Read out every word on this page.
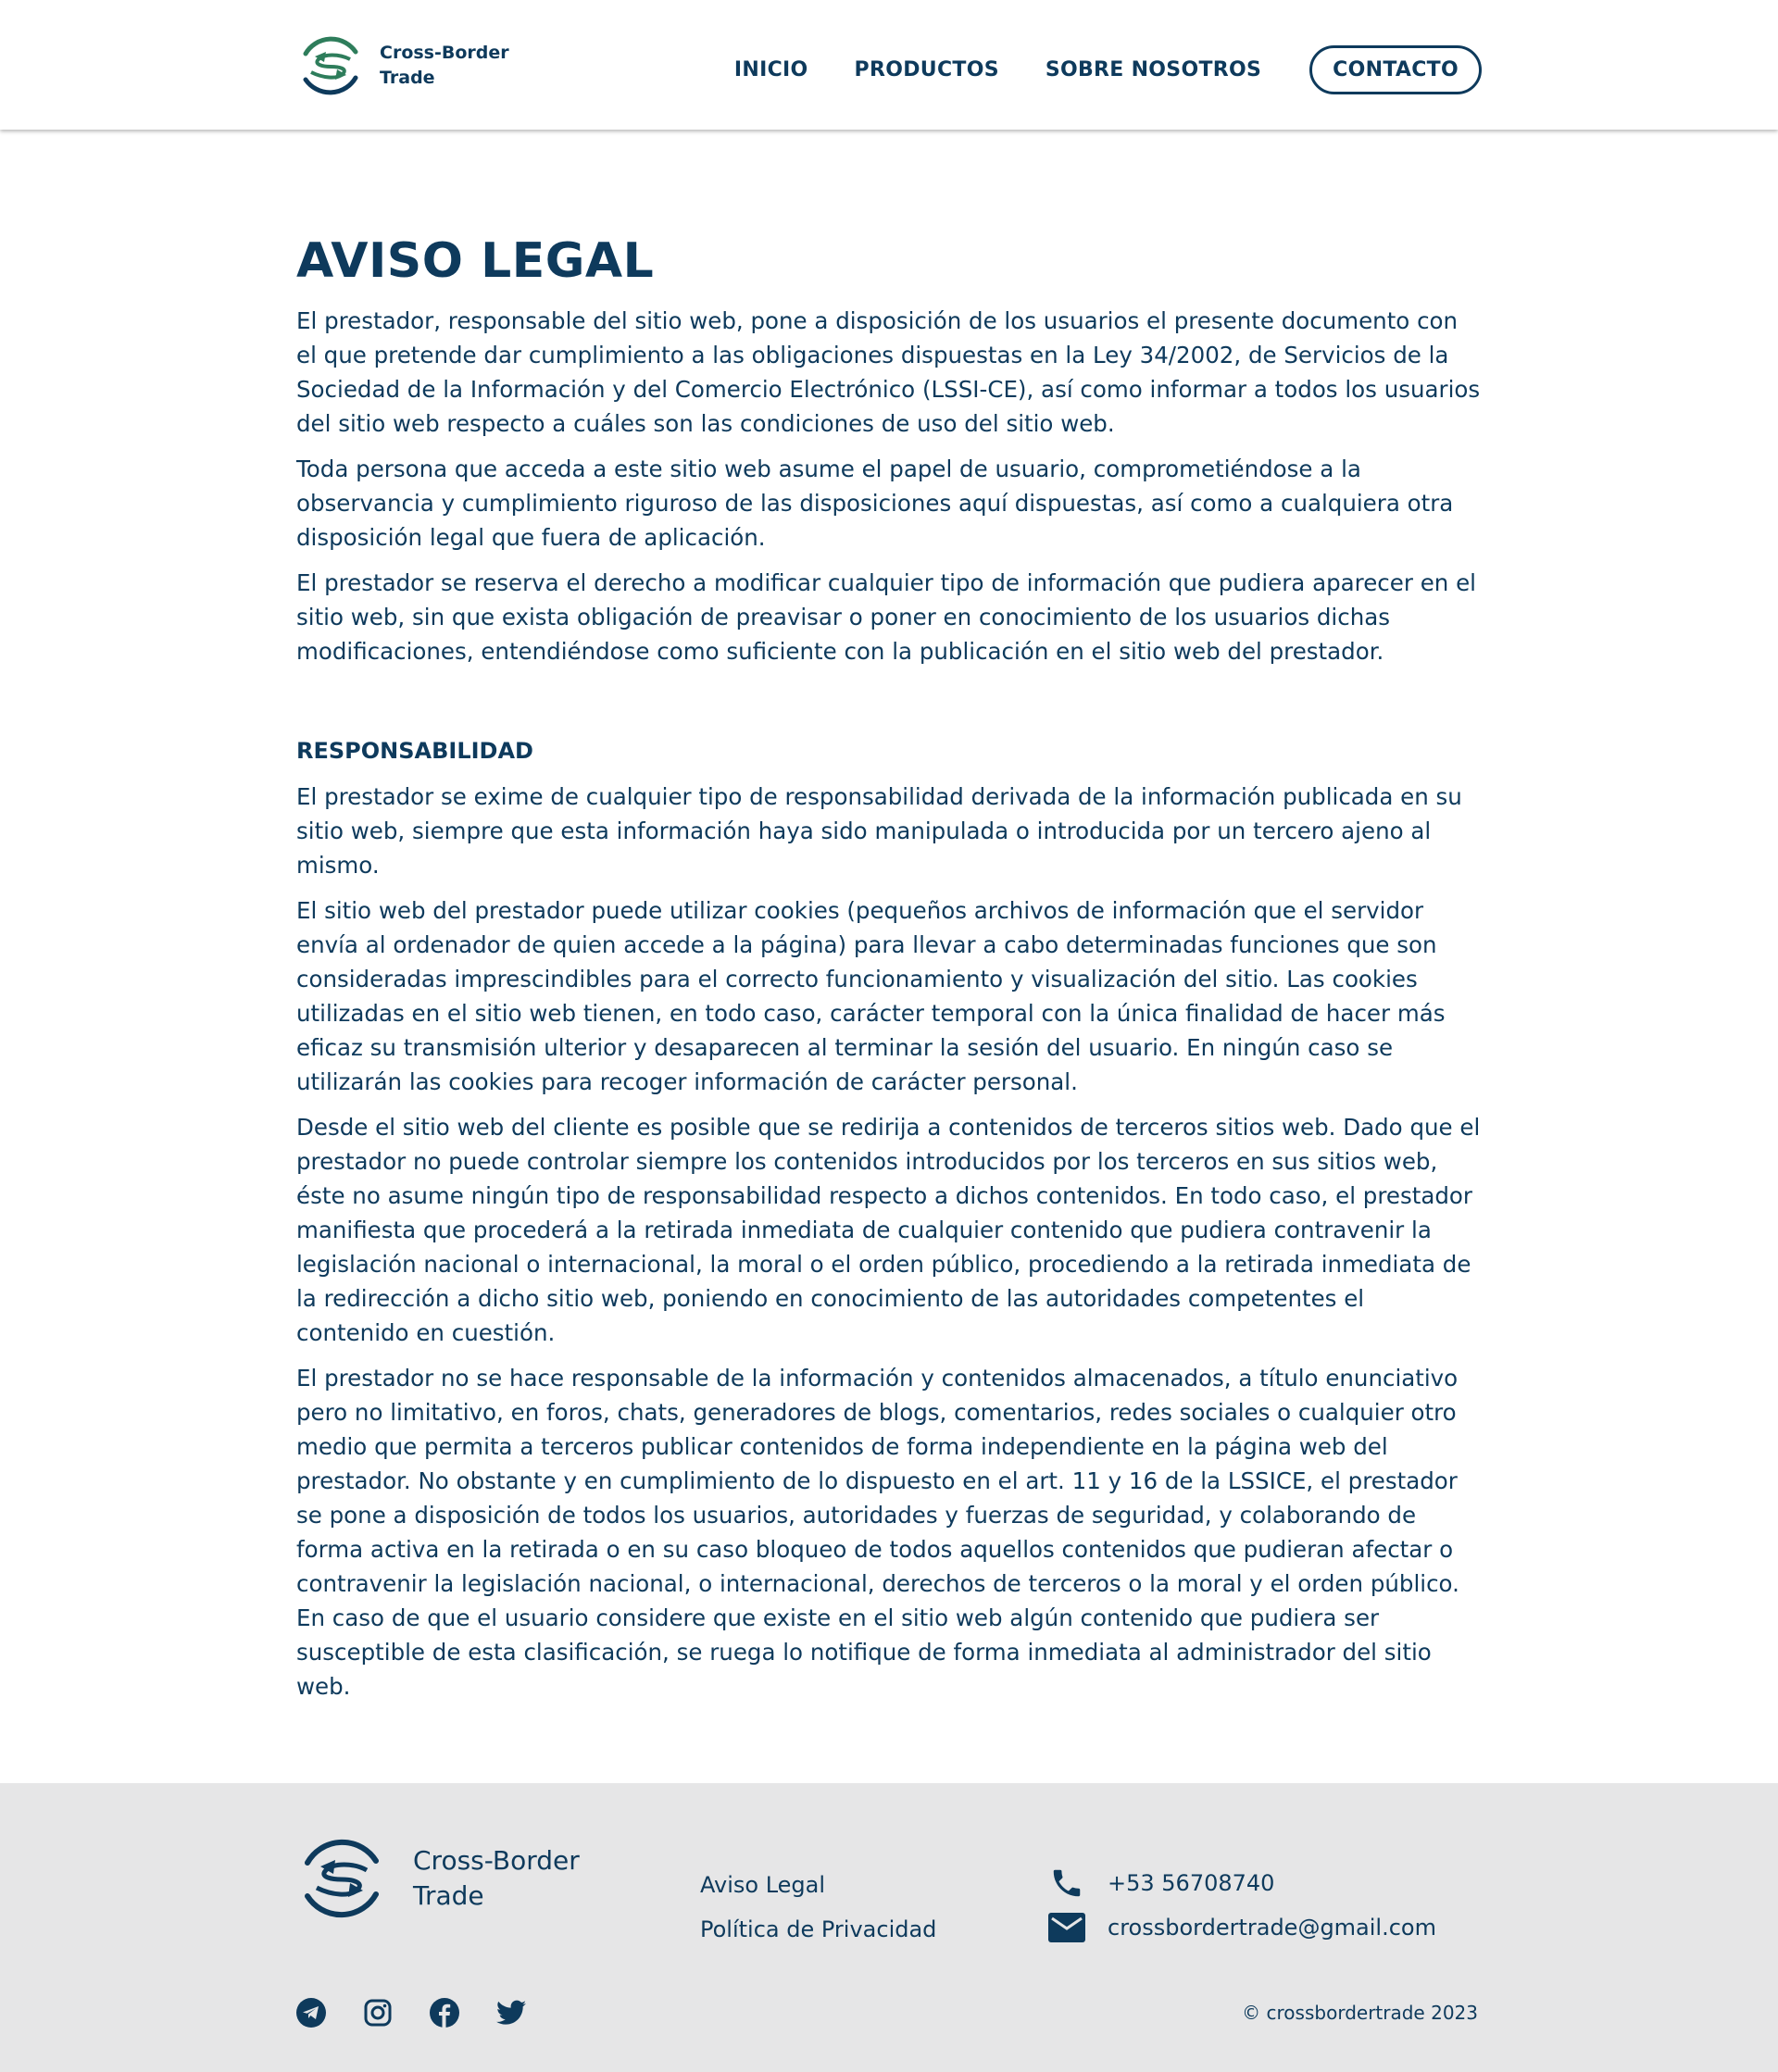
Cross-Border Trade	INICIO PRODUCTOS SOBRE NOSOTROS	CONTACTO
AVISO LEGAL

El prestador, responsable del sitio web, pone a disposición de los usuarios el presente documento con el que pretende dar cumplimiento a las obligaciones dispuestas en la Ley 34/2002, de Servicios de la Sociedad de la Información y del Comercio Electrónico (LSSI-CE), así como informar a todos los usuarios del sitio web respecto a cuáles son las condiciones de uso del sitio web.

Toda persona que acceda a este sitio web asume el papel de usuario, comprometiéndose a la observancia y cumplimiento riguroso de las disposiciones aquí dispuestas, así como a cualquiera otra disposición legal que fuera de aplicación.

El prestador se reserva el derecho a modificar cualquier tipo de información que pudiera aparecer en el sitio web, sin que exista obligación de preavisar o poner en conocimiento de los usuarios dichas modificaciones, entendiéndose como suficiente con la publicación en el sitio web del prestador.

RESPONSABILIDAD

El prestador se exime de cualquier tipo de responsabilidad derivada de la información publicada en su sitio web, siempre que esta información haya sido manipulada o introducida por un tercero ajeno al mismo.

El sitio web del prestador puede utilizar cookies (pequeños archivos de información que el servidor envía al ordenador de quien accede a la página) para llevar a cabo determinadas funciones que son consideradas imprescindibles para el correcto funcionamiento y visualización del sitio. Las cookies utilizadas en el sitio web tienen, en todo caso, carácter temporal con la única finalidad de hacer más eficaz su transmisión ulterior y desaparecen al terminar la sesión del usuario. En ningún caso se utilizarán las cookies para recoger información de carácter personal.

Desde el sitio web del cliente es posible que se redirija a contenidos de terceros sitios web. Dado que el prestador no puede controlar siempre los contenidos introducidos por los terceros en sus sitios web, éste no asume ningún tipo de responsabilidad respecto a dichos contenidos. En todo caso, el prestador manifiesta que procederá a la retirada inmediata de cualquier contenido que pudiera contravenir la legislación nacional o internacional, la moral o el orden público, procediendo a la retirada inmediata de la redirección a dicho sitio web, poniendo en conocimiento de las autoridades competentes el contenido en cuestión.

El prestador no se hace responsable de la información y contenidos almacenados, a título enunciativo pero no limitativo, en foros, chats, generadores de blogs, comentarios, redes sociales o cualquier otro medio que permita a terceros publicar contenidos de forma independiente en la página web del prestador. No obstante y en cumplimiento de lo dispuesto en el art. 11 y 16 de la LSSICE, el prestador se pone a disposición de todos los usuarios, autoridades y fuerzas de seguridad, y colaborando de forma activa en la retirada o en su caso bloqueo de todos aquellos contenidos que pudieran afectar o contravenir la legislación nacional, o internacional, derechos de terceros o la moral y el orden público. En caso de que el usuario considere que existe en el sitio web algún contenido que pudiera ser susceptible de esta clasificación, se ruega lo notifique de forma inmediata al administrador del sitio web.

Cross-Border Trade	Aviso Legal
Política de Privacidad
+53 56708740
crossbordertrade@gmail.com
© crossbordertrade 2023
